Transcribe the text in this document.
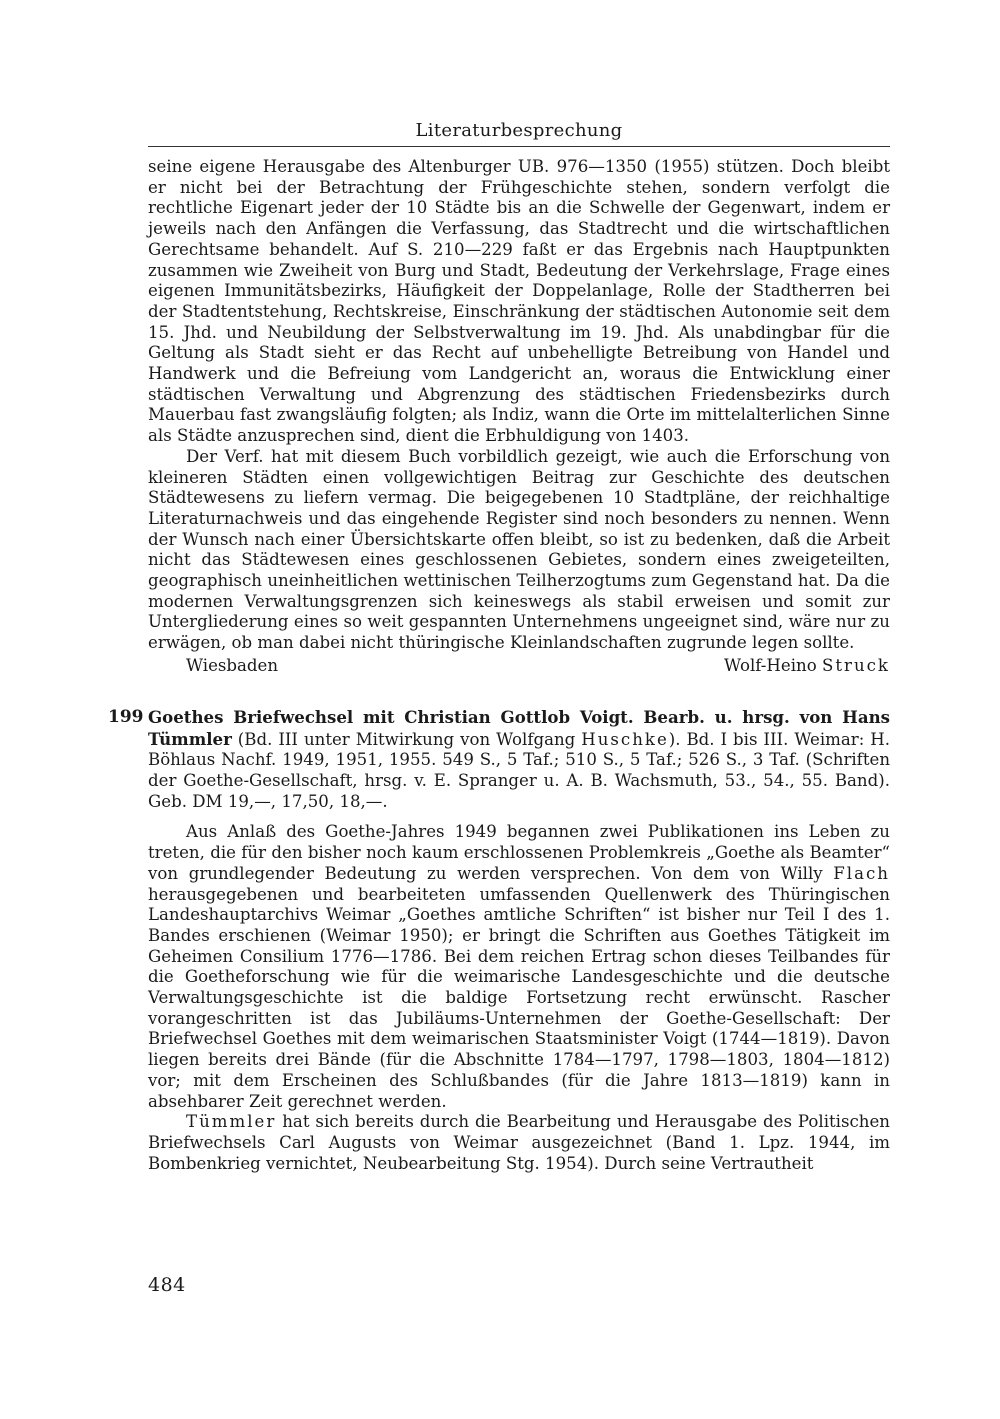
Literaturbesprechung

seine eigene Herausgabe des Altenburger UB. 976—1350 (1955) stützen. Doch bleibt er nicht bei der Betrachtung der Frühgeschichte stehen, sondern verfolgt die rechtliche Eigenart jeder der 10 Städte bis an die Schwelle der Gegenwart, indem er jeweils nach den Anfängen die Verfassung, das Stadtrecht und die wirtschaftlichen Gerechtsame behandelt. Auf S. 210—229 faßt er das Ergebnis nach Hauptpunkten zusammen wie Zweiheit von Burg und Stadt, Bedeutung der Verkehrslage, Frage eines eigenen Immunitätsbezirks, Häufigkeit der Doppelanlage, Rolle der Stadtherren bei der Stadtentstehung, Rechtskreise, Einschränkung der städtischen Autonomie seit dem 15. Jhd. und Neubildung der Selbstverwaltung im 19. Jhd. Als unabdingbar für die Geltung als Stadt sieht er das Recht auf unbehelligte Betreibung von Handel und Handwerk und die Befreiung vom Landgericht an, woraus die Entwicklung einer städtischen Verwaltung und Abgrenzung des städtischen Friedensbezirks durch Mauerbau fast zwangsläufig folgten; als Indiz, wann die Orte im mittelalterlichen Sinne als Städte anzusprechen sind, dient die Erbhuldigung von 1403.

Der Verf. hat mit diesem Buch vorbildlich gezeigt, wie auch die Erforschung von kleineren Städten einen vollgewichtigen Beitrag zur Geschichte des deutschen Städtewesens zu liefern vermag. Die beigegebenen 10 Stadtpläne, der reichhaltige Literaturnachweis und das eingehende Register sind noch besonders zu nennen. Wenn der Wunsch nach einer Übersichtskarte offen bleibt, so ist zu bedenken, daß die Arbeit nicht das Städtewesen eines geschlossenen Gebietes, sondern eines zweigeteilten, geographisch uneinheitlichen wettinischen Teilherzogtums zum Gegenstand hat. Da die modernen Verwaltungsgrenzen sich keineswegs als stabil erweisen und somit zur Untergliederung eines so weit gespannten Unternehmens ungeeignet sind, wäre nur zu erwägen, ob man dabei nicht thüringische Kleinlandschaften zugrunde legen sollte.

Wiesbaden	Wolf-Heino Struck
199 Goethes Briefwechsel mit Christian Gottlob Voigt. Bearb. u. hrsg. von Hans Tümmler (Bd. III unter Mitwirkung von Wolfgang Huschke). Bd. I bis III. Weimar: H. Böhlaus Nachf. 1949, 1951, 1955. 549 S., 5 Taf.; 510 S., 5 Taf.; 526 S., 3 Taf. (Schriften der Goethe-Gesellschaft, hrsg. v. E. Spranger u. A. B. Wachsmuth, 53., 54., 55. Band). Geb. DM 19,—, 17,50, 18,—.

Aus Anlaß des Goethe-Jahres 1949 begannen zwei Publikationen ins Leben zu treten, die für den bisher noch kaum erschlossenen Problemkreis „Goethe als Beamter“ von grundlegender Bedeutung zu werden versprechen. Von dem von Willy Flach herausgegebenen und bearbeiteten umfassenden Quellenwerk des Thüringischen Landeshauptarchivs Weimar „Goethes amtliche Schriften“ ist bisher nur Teil I des 1. Bandes erschienen (Weimar 1950); er bringt die Schriften aus Goethes Tätigkeit im Geheimen Consilium 1776—1786. Bei dem reichen Ertrag schon dieses Teilbandes für die Goetheforschung wie für die weimarische Landesgeschichte und die deutsche Verwaltungsgeschichte ist die baldige Fortsetzung recht erwünscht. Rascher vorangeschritten ist das Jubiläums-Unternehmen der Goethe-Gesellschaft: Der Briefwechsel Goethes mit dem weimarischen Staatsminister Voigt (1744—1819). Davon liegen bereits drei Bände (für die Abschnitte 1784—1797, 1798—1803, 1804—1812) vor; mit dem Erscheinen des Schlußbandes (für die Jahre 1813—1819) kann in absehbarer Zeit gerechnet werden.

Tümmler hat sich bereits durch die Bearbeitung und Herausgabe des Politischen Briefwechsels Carl Augusts von Weimar ausgezeichnet (Band 1. Lpz. 1944, im Bombenkrieg vernichtet, Neubearbeitung Stg. 1954). Durch seine Vertrautheit

484
